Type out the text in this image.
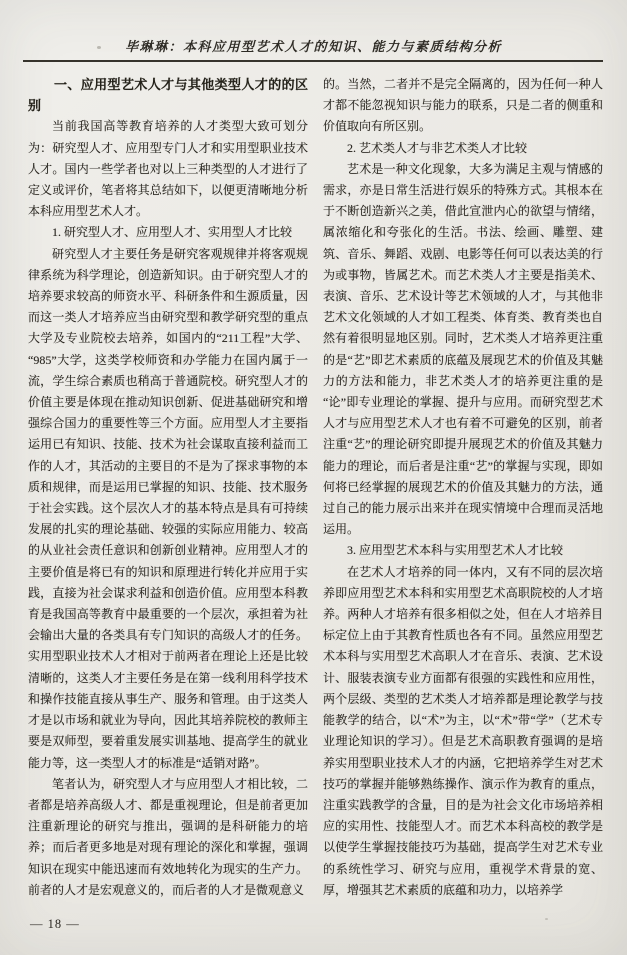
毕琳琳：本科应用型艺术人才的知识、能力与素质结构分析

一、应用型艺术人才与其他类型人才的的区别

当前我国高等教育培养的人才类型大致可划分为：研究型人才、应用型专门人才和实用型职业技术人才。国内一些学者也对以上三种类型的人才进行了定义或评价，笔者将其总结如下，以便更清晰地分析本科应用型艺术人才。

1. 研究型人才、应用型人才、实用型人才比较

研究型人才主要任务是研究客观规律并将客观规律系统为科学理论，创造新知识。由于研究型人才的培养要求较高的师资水平、科研条件和生源质量，因而这一类人才培养应当由研究型和教学研究型的重点大学及专业院校去培养，如国内的“211工程”大学、“985”大学，这类学校师资和办学能力在国内属于一流，学生综合素质也稍高于普通院校。研究型人才的价值主要是体现在推动知识创新、促进基础研究和增强综合国力的重要性等三个方面。应用型人才主要指运用已有知识、技能、技术为社会谋取直接利益而工作的人才，其活动的主要目的不是为了探求事物的本质和规律，而是运用已掌握的知识、技能、技术服务于社会实践。这个层次人才的基本特点是具有可持续发展的扎实的理论基础、较强的实际应用能力、较高的从业社会责任意识和创新创业精神。应用型人才的主要价值是将已有的知识和原理进行转化并应用于实践，直接为社会谋求利益和创造价值。应用型本科教育是我国高等教育中最重要的一个层次，承担着为社会输出大量的各类具有专门知识的高级人才的任务。实用型职业技术人才相对于前两者在理论上还是比较清晰的，这类人才主要任务是在第一线利用科学技术和操作技能直接从事生产、服务和管理。由于这类人才是以市场和就业为导向，因此其培养院校的教师主要是双师型，要着重发展实训基地、提高学生的就业能力等，这一类型人才的标准是“适销对路”。

笔者认为，研究型人才与应用型人才相比较，二者都是培养高级人才、都是重视理论，但是前者更加注重新理论的研究与推出，强调的是科研能力的培养；而后者更多地是对现有理论的深化和掌握，强调知识在现实中能迅速而有效地转化为现实的生产力。前者的人才是宏观意义的，而后者的人才是微观意义

的。当然，二者并不是完全隔离的，因为任何一种人才都不能忽视知识与能力的联系，只是二者的侧重和价值取向有所区别。

2. 艺术类人才与非艺术类人才比较

艺术是一种文化现象，大多为满足主观与情感的需求，亦是日常生活进行娱乐的特殊方式。其根本在于不断创造新兴之美，借此宣泄内心的欲望与情绪，属浓缩化和夸张化的生活。书法、绘画、雕塑、建筑、音乐、舞蹈、戏剧、电影等任何可以表达美的行为或事物，皆属艺术。而艺术类人才主要是指美术、表演、音乐、艺术设计等艺术领域的人才，与其他非艺术文化领域的人才如工程类、体育类、教育类也自然有着很明显地区别。同时，艺术类人才培养更注重的是“艺”即艺术素质的底蕴及展现艺术的价值及其魅力的方法和能力，非艺术类人才的培养更注重的是“论”即专业理论的掌握、提升与应用。而研究型艺术人才与应用型艺术人才也有着不可避免的区别，前者注重“艺”的理论研究即提升展现艺术的价值及其魅力能力的理论，而后者是注重“艺”的掌握与实现，即如何将已经掌握的展现艺术的价值及其魅力的方法，通过自己的能力展示出来并在现实情境中合理而灵活地运用。

3. 应用型艺术本科与实用型艺术人才比较

在艺术人才培养的同一体内，又有不同的层次培养即应用型艺术本科和实用型艺术高职院校的人才培养。两种人才培养有很多相似之处，但在人才培养目标定位上由于其教育性质也各有不同。虽然应用型艺术本科与实用型艺术高职人才在音乐、表演、艺术设计、服装表演专业方面都有很强的实践性和应用性，两个层级、类型的艺术类人才培养都是理论教学与技能教学的结合，以“术”为主，以“术”带“学”（艺术专业理论知识的学习）。但是艺术高职教育强调的是培养实用型职业技术人才的内涵，它把培养学生对艺术技巧的掌握并能够熟练操作、演示作为教育的重点，注重实践教学的含量，目的是为社会文化市场培养相应的实用性、技能型人才。而艺术本科高校的教学是以使学生掌握技能技巧为基础，提高学生对艺术专业的系统性学习、研究与应用，重视学术背景的宽、厚，增强其艺术素质的底蕴和功力，以培养学

— 18 —
